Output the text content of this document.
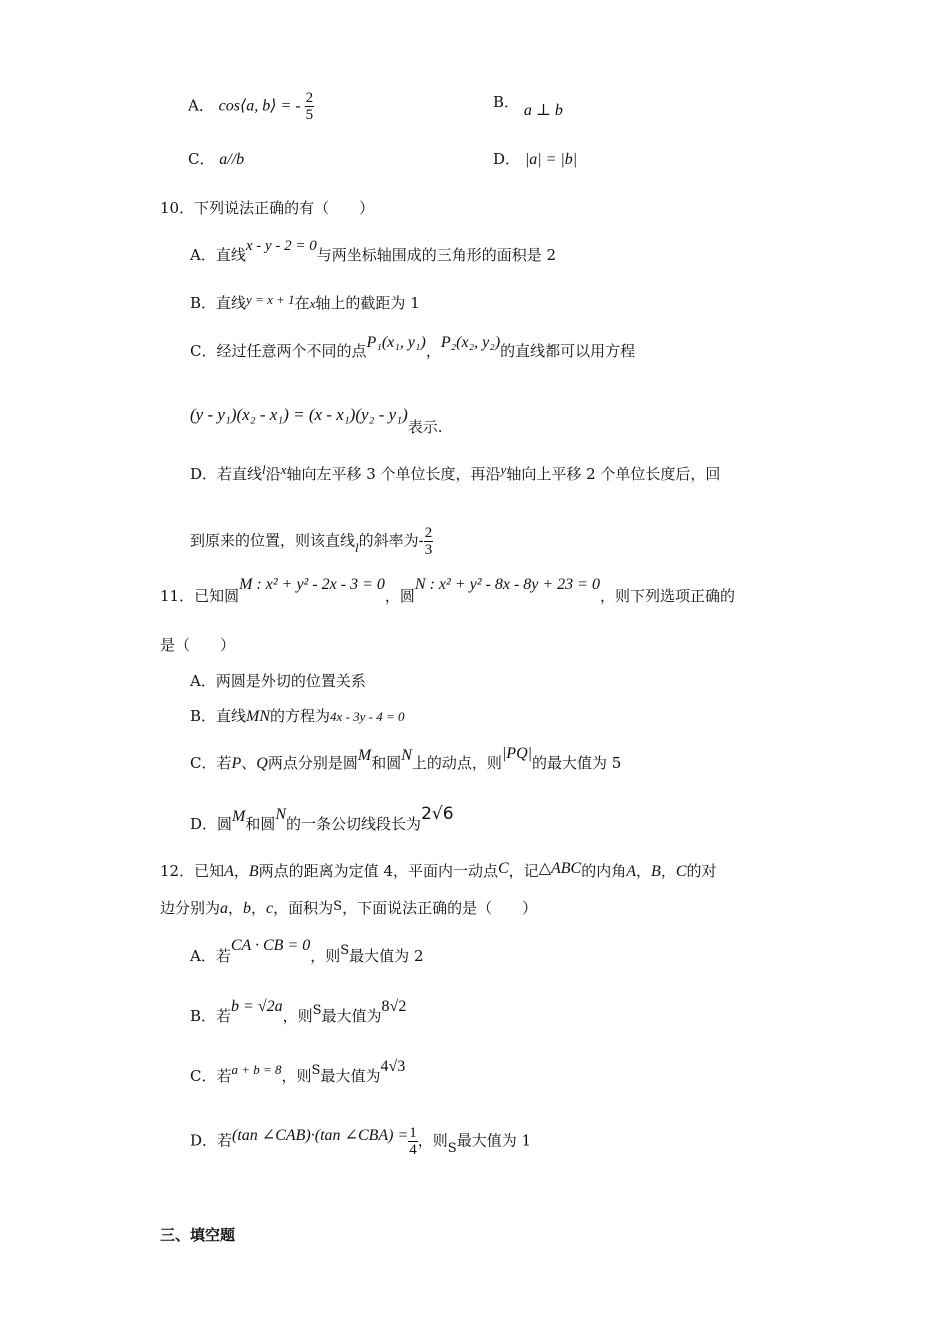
A． cos⟨a, b⟩ = - $\frac{2}{5}$	B． a ⊥ b
C． a//b	D． |a| = |b|
10．下列说法正确的有（　　）
A．直线x - y - 2 = 0与两坐标轴围成的三角形的面积是 2
B．直线y = x + 1在x轴上的截距为 1
C．经过任意两个不同的点P₁(x₁, y₁)，P₂(x₂, y₂)的直线都可以用方程
(y - y₁)(x₂ - x₁) = (x - x₁)(y₂ - y₁)表示.
D．若直线l沿x轴向左平移 3 个单位长度，再沿y轴向上平移 2 个单位长度后，回
到原来的位置，则该直线l的斜率为- $\frac{2}{3}$
11．已知圆M : x² + y² - 2x - 3 = 0，圆N : x² + y² - 8x - 8y + 23 = 0，则下列选项正确的
是（　　）
A．两圆是外切的位置关系
B．直线MN的方程为4x - 3y - 4 = 0
C．若P、Q两点分别是圆M和圆N上的动点，则|PQ|的最大值为 5
D．圆M和圆N的一条公切线段长为2√6
12．已知A，B两点的距离为定值 4，平面内一动点C，记△ABC的内角A，B，C的对
边分别为a，b，c，面积为S，下面说法正确的是（　　）
A．若CA · CB = 0，则S最大值为 2
B．若b = √2a，则S最大值为8√2
C．若a + b = 8，则S最大值为4√3
D．若(tan ∠CAB)·(tan ∠CBA) = $\frac{1}{4}$ ，则S最大值为 1
三、填空题
